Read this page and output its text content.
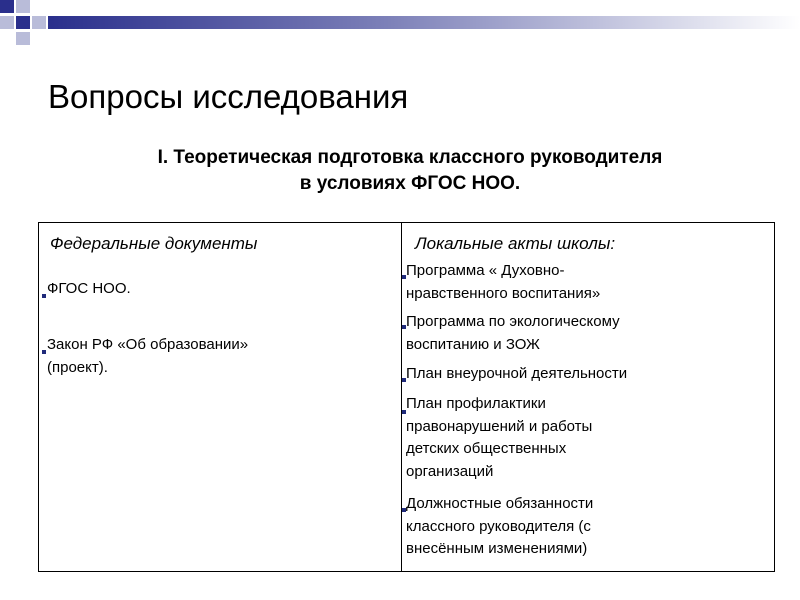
Вопросы исследования
I. Теоретическая подготовка классного руководителя
в условиях ФГОС НОО.
Федеральные документы
ФГОС НОО.
Закон РФ «Об образовании»
(проект).
Локальные акты школы:
Программа « Духовно-
нравственного воспитания»
Программа по экологическому
воспитанию и ЗОЖ
План внеурочной деятельности
План профилактики
правонарушений и работы
детских общественных
организаций
Должностные обязанности
классного руководителя (с
внесённым изменениями)
